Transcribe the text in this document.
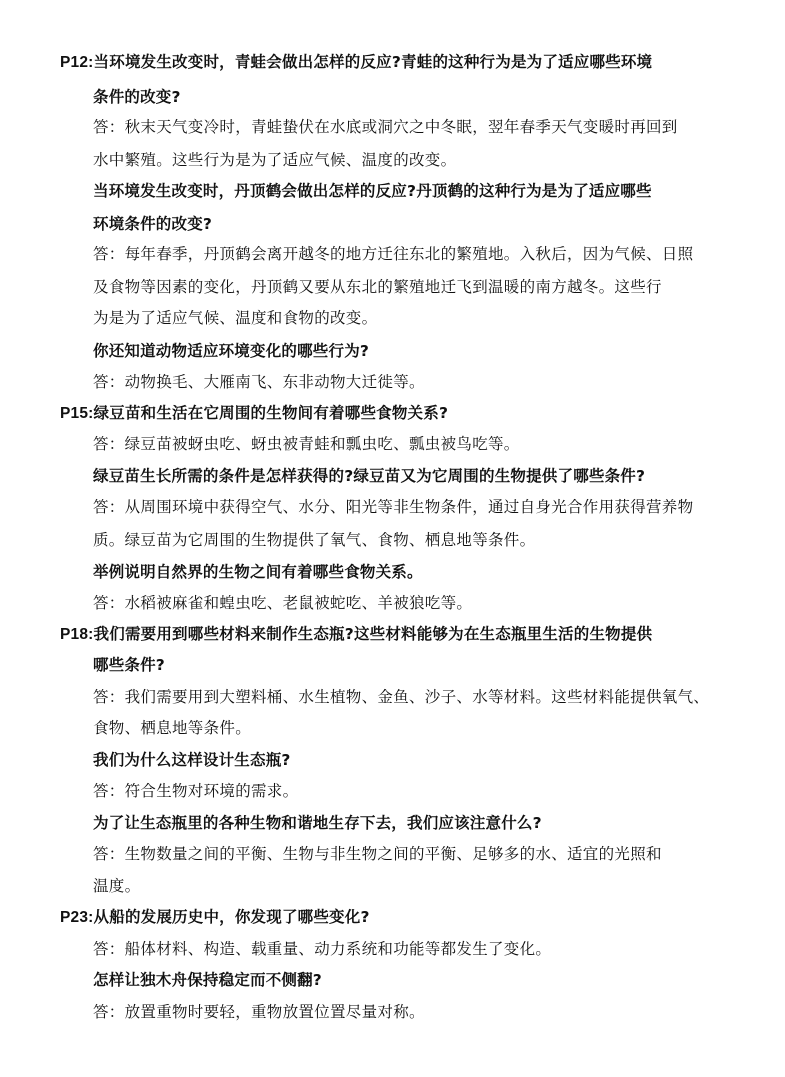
P12:当环境发生改变时，青蛙会做出怎样的反应?青蛙的这种行为是为了适应哪些环境
条件的改变?
答：秋末天气变冷时，青蛙蛰伏在水底或洞穴之中冬眠，翌年春季天气变暖时再回到
水中繁殖。这些行为是为了适应气候、温度的改变。
当环境发生改变时，丹顶鹤会做出怎样的反应?丹顶鹤的这种行为是为了适应哪些
环境条件的改变?
答：每年春季，丹顶鹤会离开越冬的地方迁往东北的繁殖地。入秋后，因为气候、日照
及食物等因素的变化，丹顶鹤又要从东北的繁殖地迁飞到温暖的南方越冬。这些行
为是为了适应气候、温度和食物的改变。
你还知道动物适应环境变化的哪些行为?
答：动物换毛、大雁南飞、东非动物大迁徙等。
P15:绿豆苗和生活在它周围的生物间有着哪些食物关系?
答：绿豆苗被蚜虫吃、蚜虫被青蛙和瓢虫吃、瓢虫被鸟吃等。
绿豆苗生长所需的条件是怎样获得的?绿豆苗又为它周围的生物提供了哪些条件?
答：从周围环境中获得空气、水分、阳光等非生物条件，通过自身光合作用获得营养物
质。绿豆苗为它周围的生物提供了氧气、食物、栖息地等条件。
举例说明自然界的生物之间有着哪些食物关系。
答：水稻被麻雀和蝗虫吃、老鼠被蛇吃、羊被狼吃等。
P18:我们需要用到哪些材料来制作生态瓶?这些材料能够为在生态瓶里生活的生物提供
哪些条件?
答：我们需要用到大塑料桶、水生植物、金鱼、沙子、水等材料。这些材料能提供氧气、
食物、栖息地等条件。
我们为什么这样设计生态瓶?
答：符合生物对环境的需求。
为了让生态瓶里的各种生物和谐地生存下去，我们应该注意什么?
答：生物数量之间的平衡、生物与非生物之间的平衡、足够多的水、适宜的光照和
温度。
P23:从船的发展历史中，你发现了哪些变化?
答：船体材料、构造、载重量、动力系统和功能等都发生了变化。
怎样让独木舟保持稳定而不侧翻?
答：放置重物时要轻，重物放置位置尽量对称。
